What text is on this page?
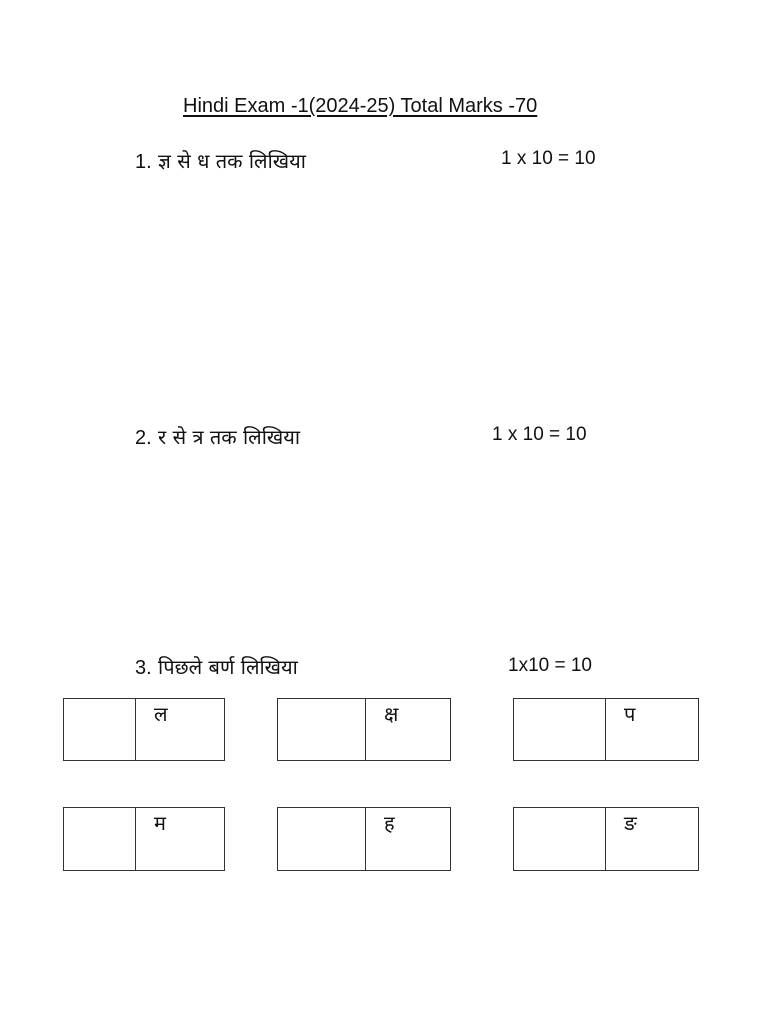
Hindi Exam -1(2024-25) Total Marks -70
1. ज्ञ से ध तक लिखिया	1 x 10 = 10
2. र से त्र तक लिखिया	1 x 10 = 10
3. पिछले बर्ण लिखिया	1x10 = 10
ल	क्ष	प
म	ह	ङ
